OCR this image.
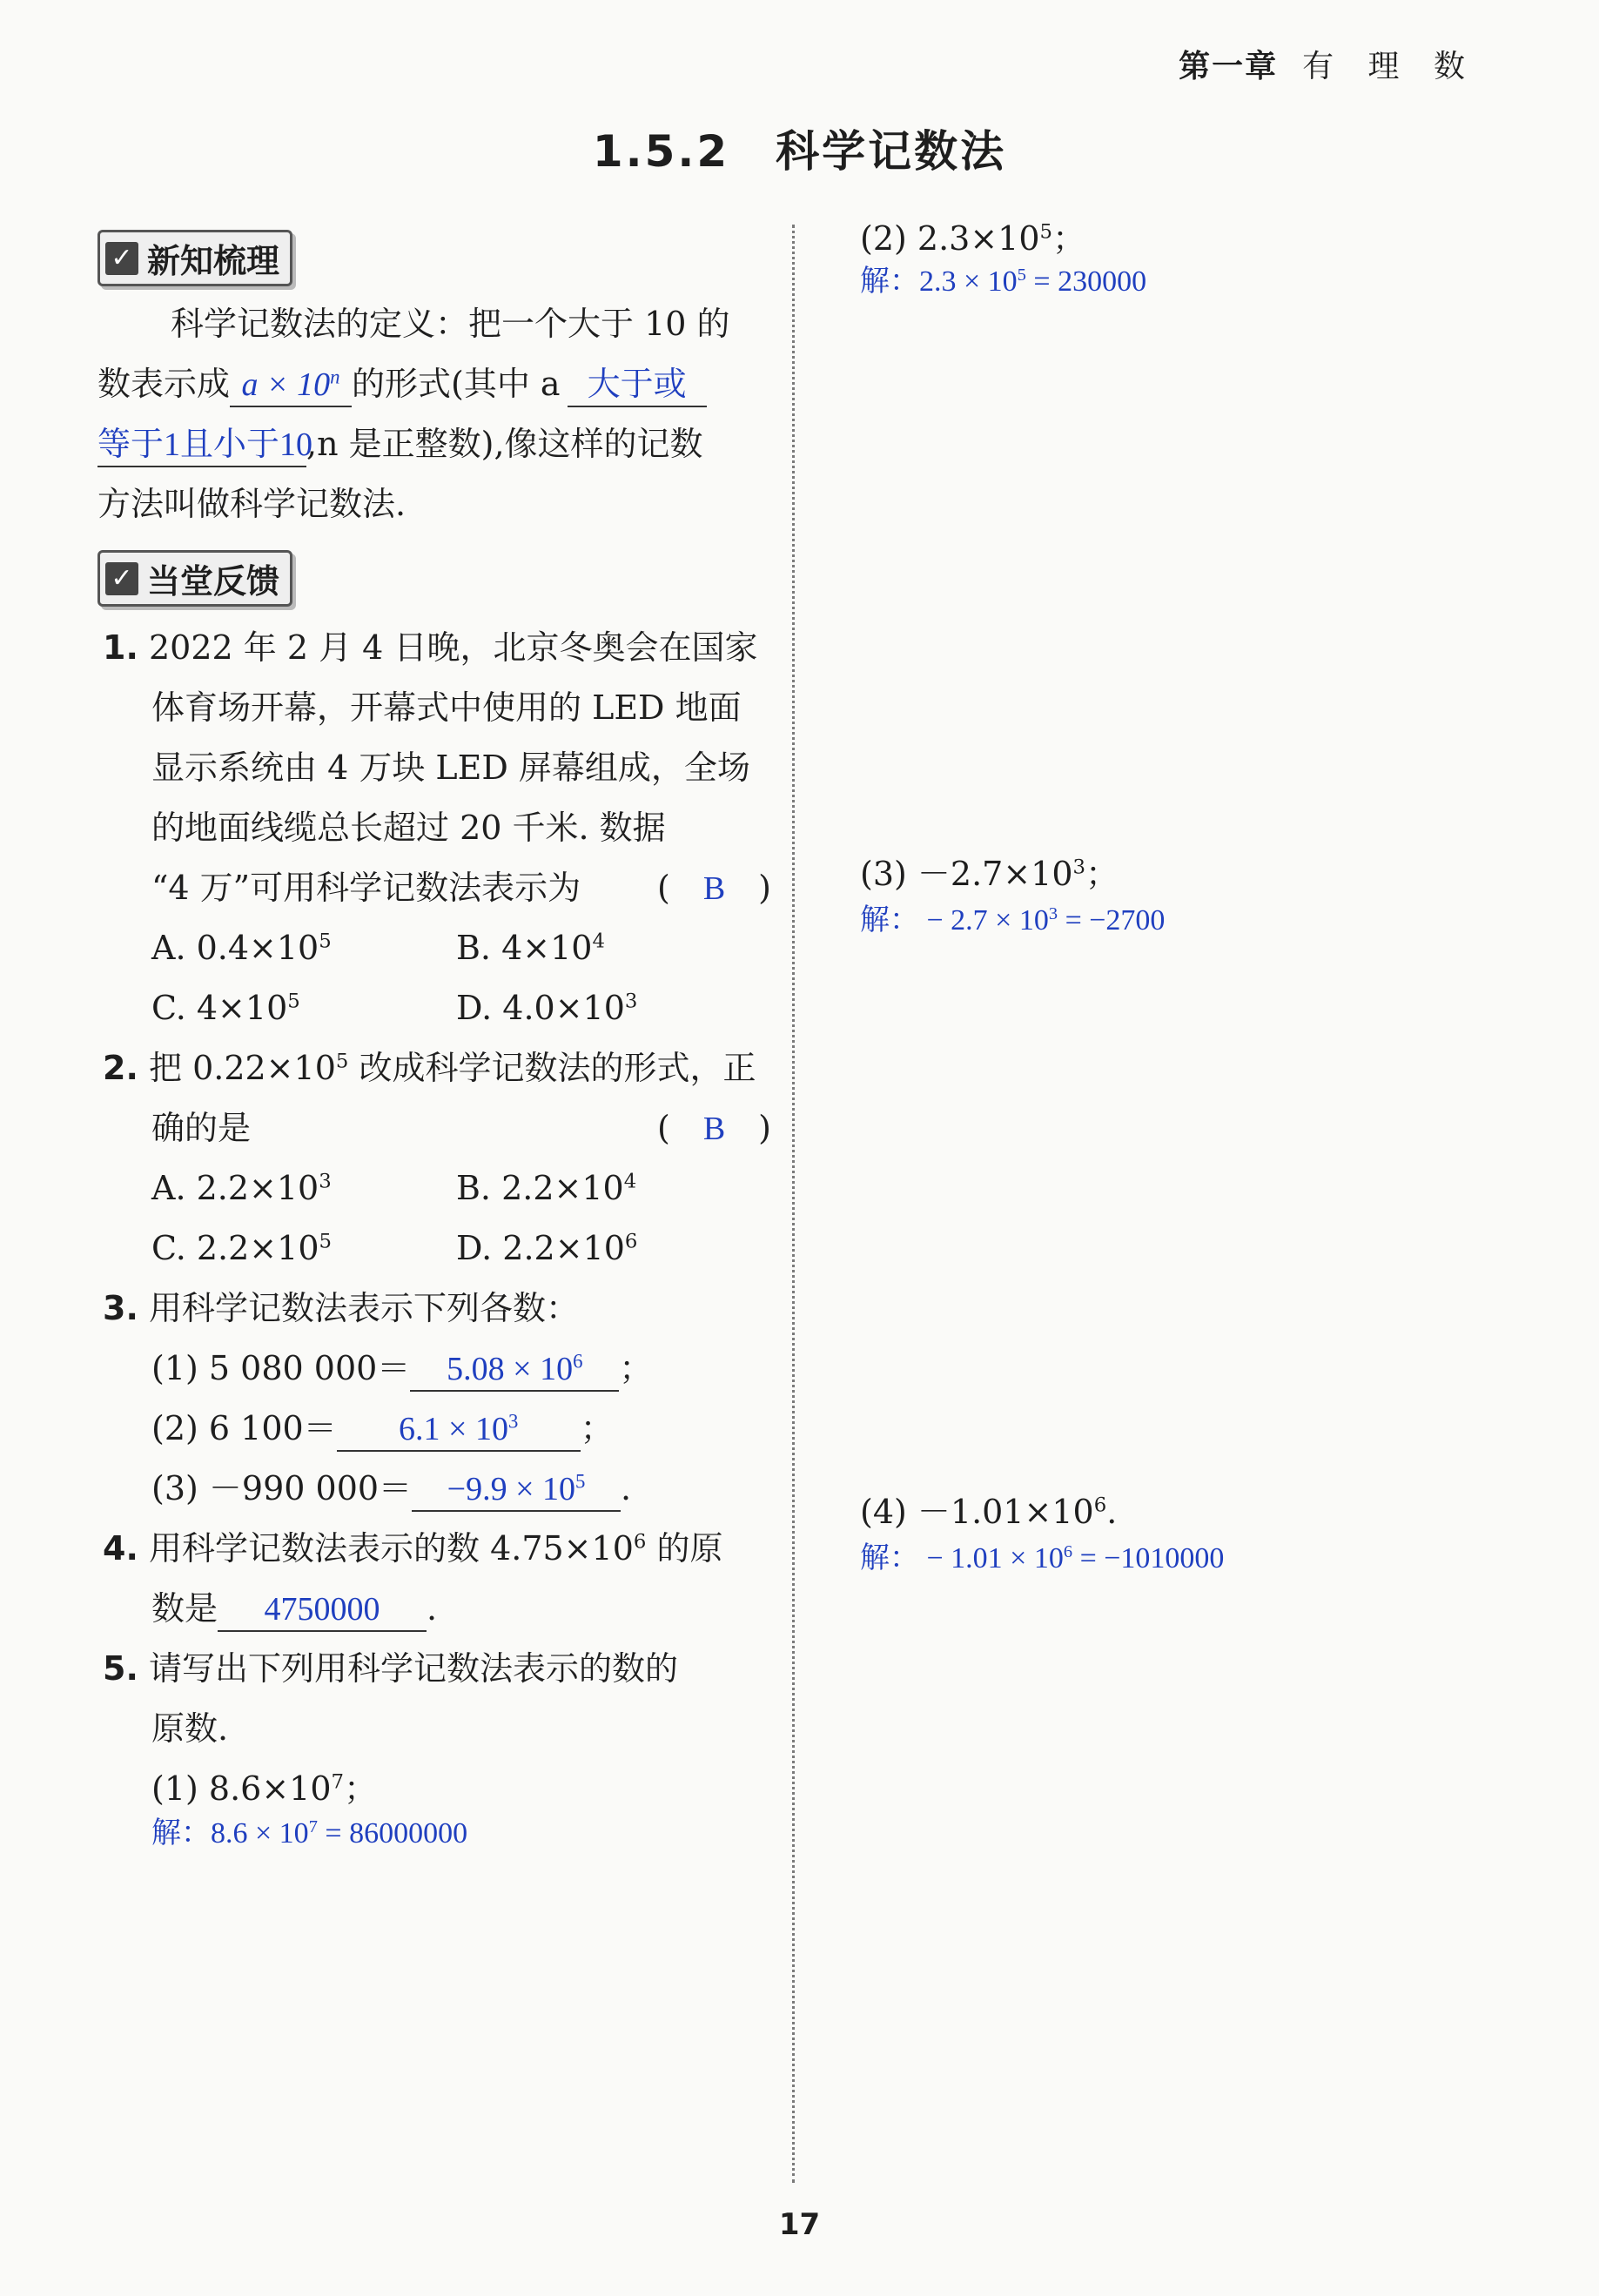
第一章 有 理 数
1.5.2　科学记数法
✓ 新知梳理
科学记数法的定义：把一个大于 10 的
数表示成 $a \times 10^n$ 的形式(其中 a 大于或
等于1且小于10,n 是正整数),像这样的记数
方法叫做科学记数法.
✓ 当堂反馈
1. 2022 年 2 月 4 日晚，北京冬奥会在国家
体育场开幕，开幕式中使用的 LED 地面
显示系统由 4 万块 LED 屏幕组成，全场
的地面线缆总长超过 20 千米. 数据
“4 万”可用科学记数法表示为 (　B　)
A. $0.4\times 10^5$	B. $4\times 10^4$
C. $4\times 10^5$	D. $4.0\times 10^3$
2. 把 $0.22\times 10^5$ 改成科学记数法的形式，正
确的是	(　B　)
A. $2.2\times 10^3$	B. $2.2\times 10^4$
C. $2.2\times 10^5$	D. $2.2\times 10^6$
3. 用科学记数法表示下列各数：
(1) 5 080 $000= 5.08 \times 10^6$ ；
(2) 6 $100= 6.1 \times 10^3$ ；
(3) －990 $000= -9.9 \times 10^5$ .
4. 用科学记数法表示的数 $4.75\times 10^6$ 的原
数是 4750000 .
5. 请写出下列用科学记数法表示的数的
原数.
(1) $8.6\times 10^7$；
解：$8.6 \times 10^7 = 86000000$
(2) $2.3\times 10^5$；
解：$2.3 \times 10^5 = 230000$
$(3) -2.7\times 10^3$；
解： − $2.7 \times 10^3 = -2700$
$(4) -1.01\times 10^6$.
解： − $1.01 \times 10^6 = -1010000$
17
